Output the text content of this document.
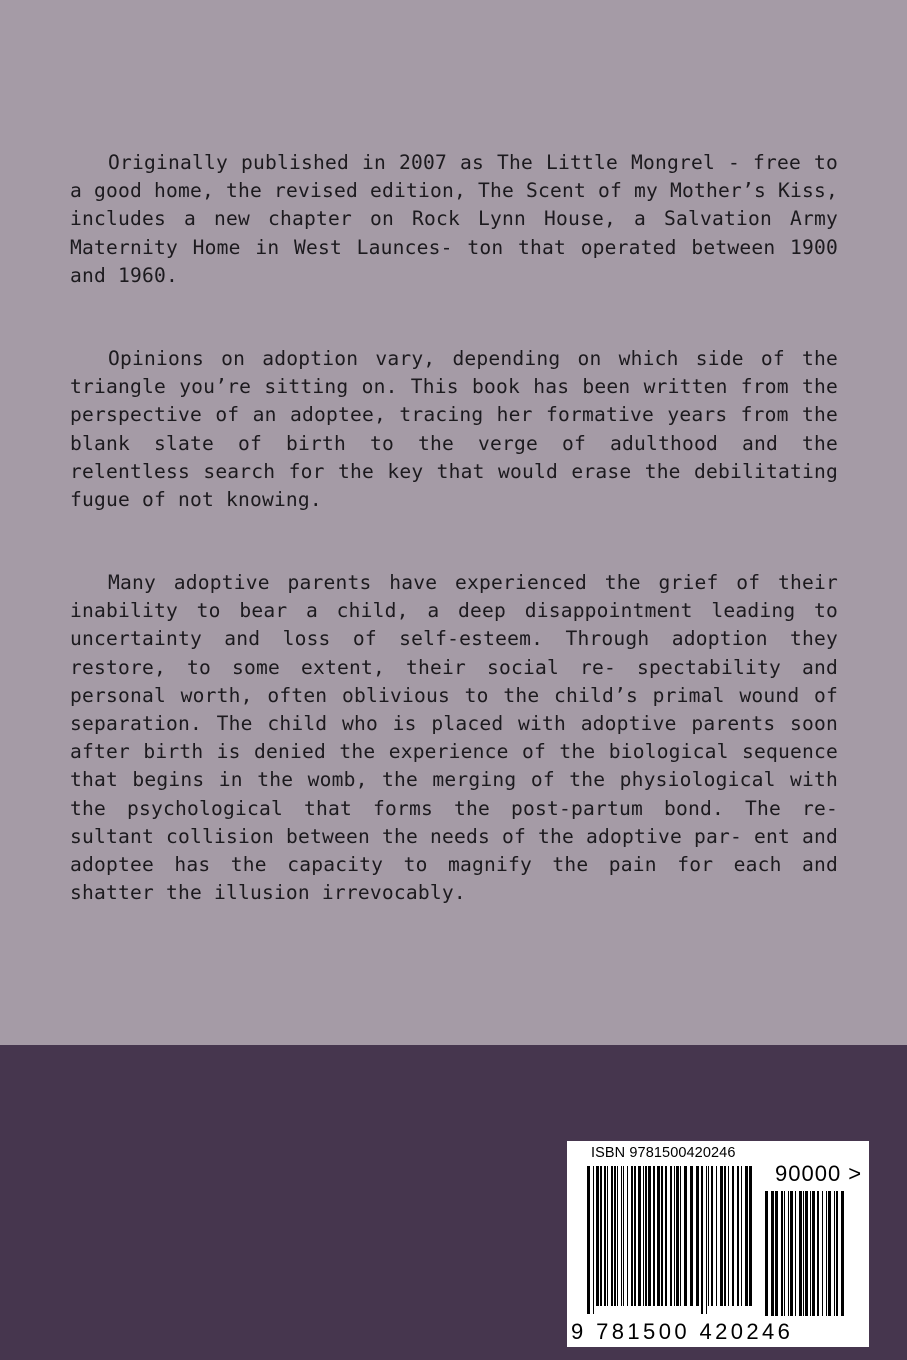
Originally published in 2007 as The Little Mongrel - free to a good home, the revised edition, The Scent of my Mother’s Kiss, includes a new chapter on Rock Lynn House, a Salvation Army Maternity Home in West Launces- ton that operated between 1900 and 1960.

Opinions on adoption vary, depending on which side of the triangle you’re sitting on. This book has been written from the perspective of an adoptee, tracing her formative years from the blank slate of birth to the verge of adulthood and the relentless search for the key that would erase the debilitating fugue of not knowing.

Many adoptive parents have experienced the grief of their inability to bear a child, a deep disappointment leading to uncertainty and loss of self-esteem. Through adoption they restore, to some extent, their social re- spectability and personal worth, often oblivious to the child’s primal wound of separation. The child who is placed with adoptive parents soon after birth is denied the experience of the biological sequence that begins in the womb, the merging of the physiological with the psychological that forms the post-partum bond. The re- sultant collision between the needs of the adoptive par- ent and adoptee has the capacity to magnify the pain for each and shatter the illusion irrevocably.

ISBN 9781500420246
9 781500 420246
90000 >
